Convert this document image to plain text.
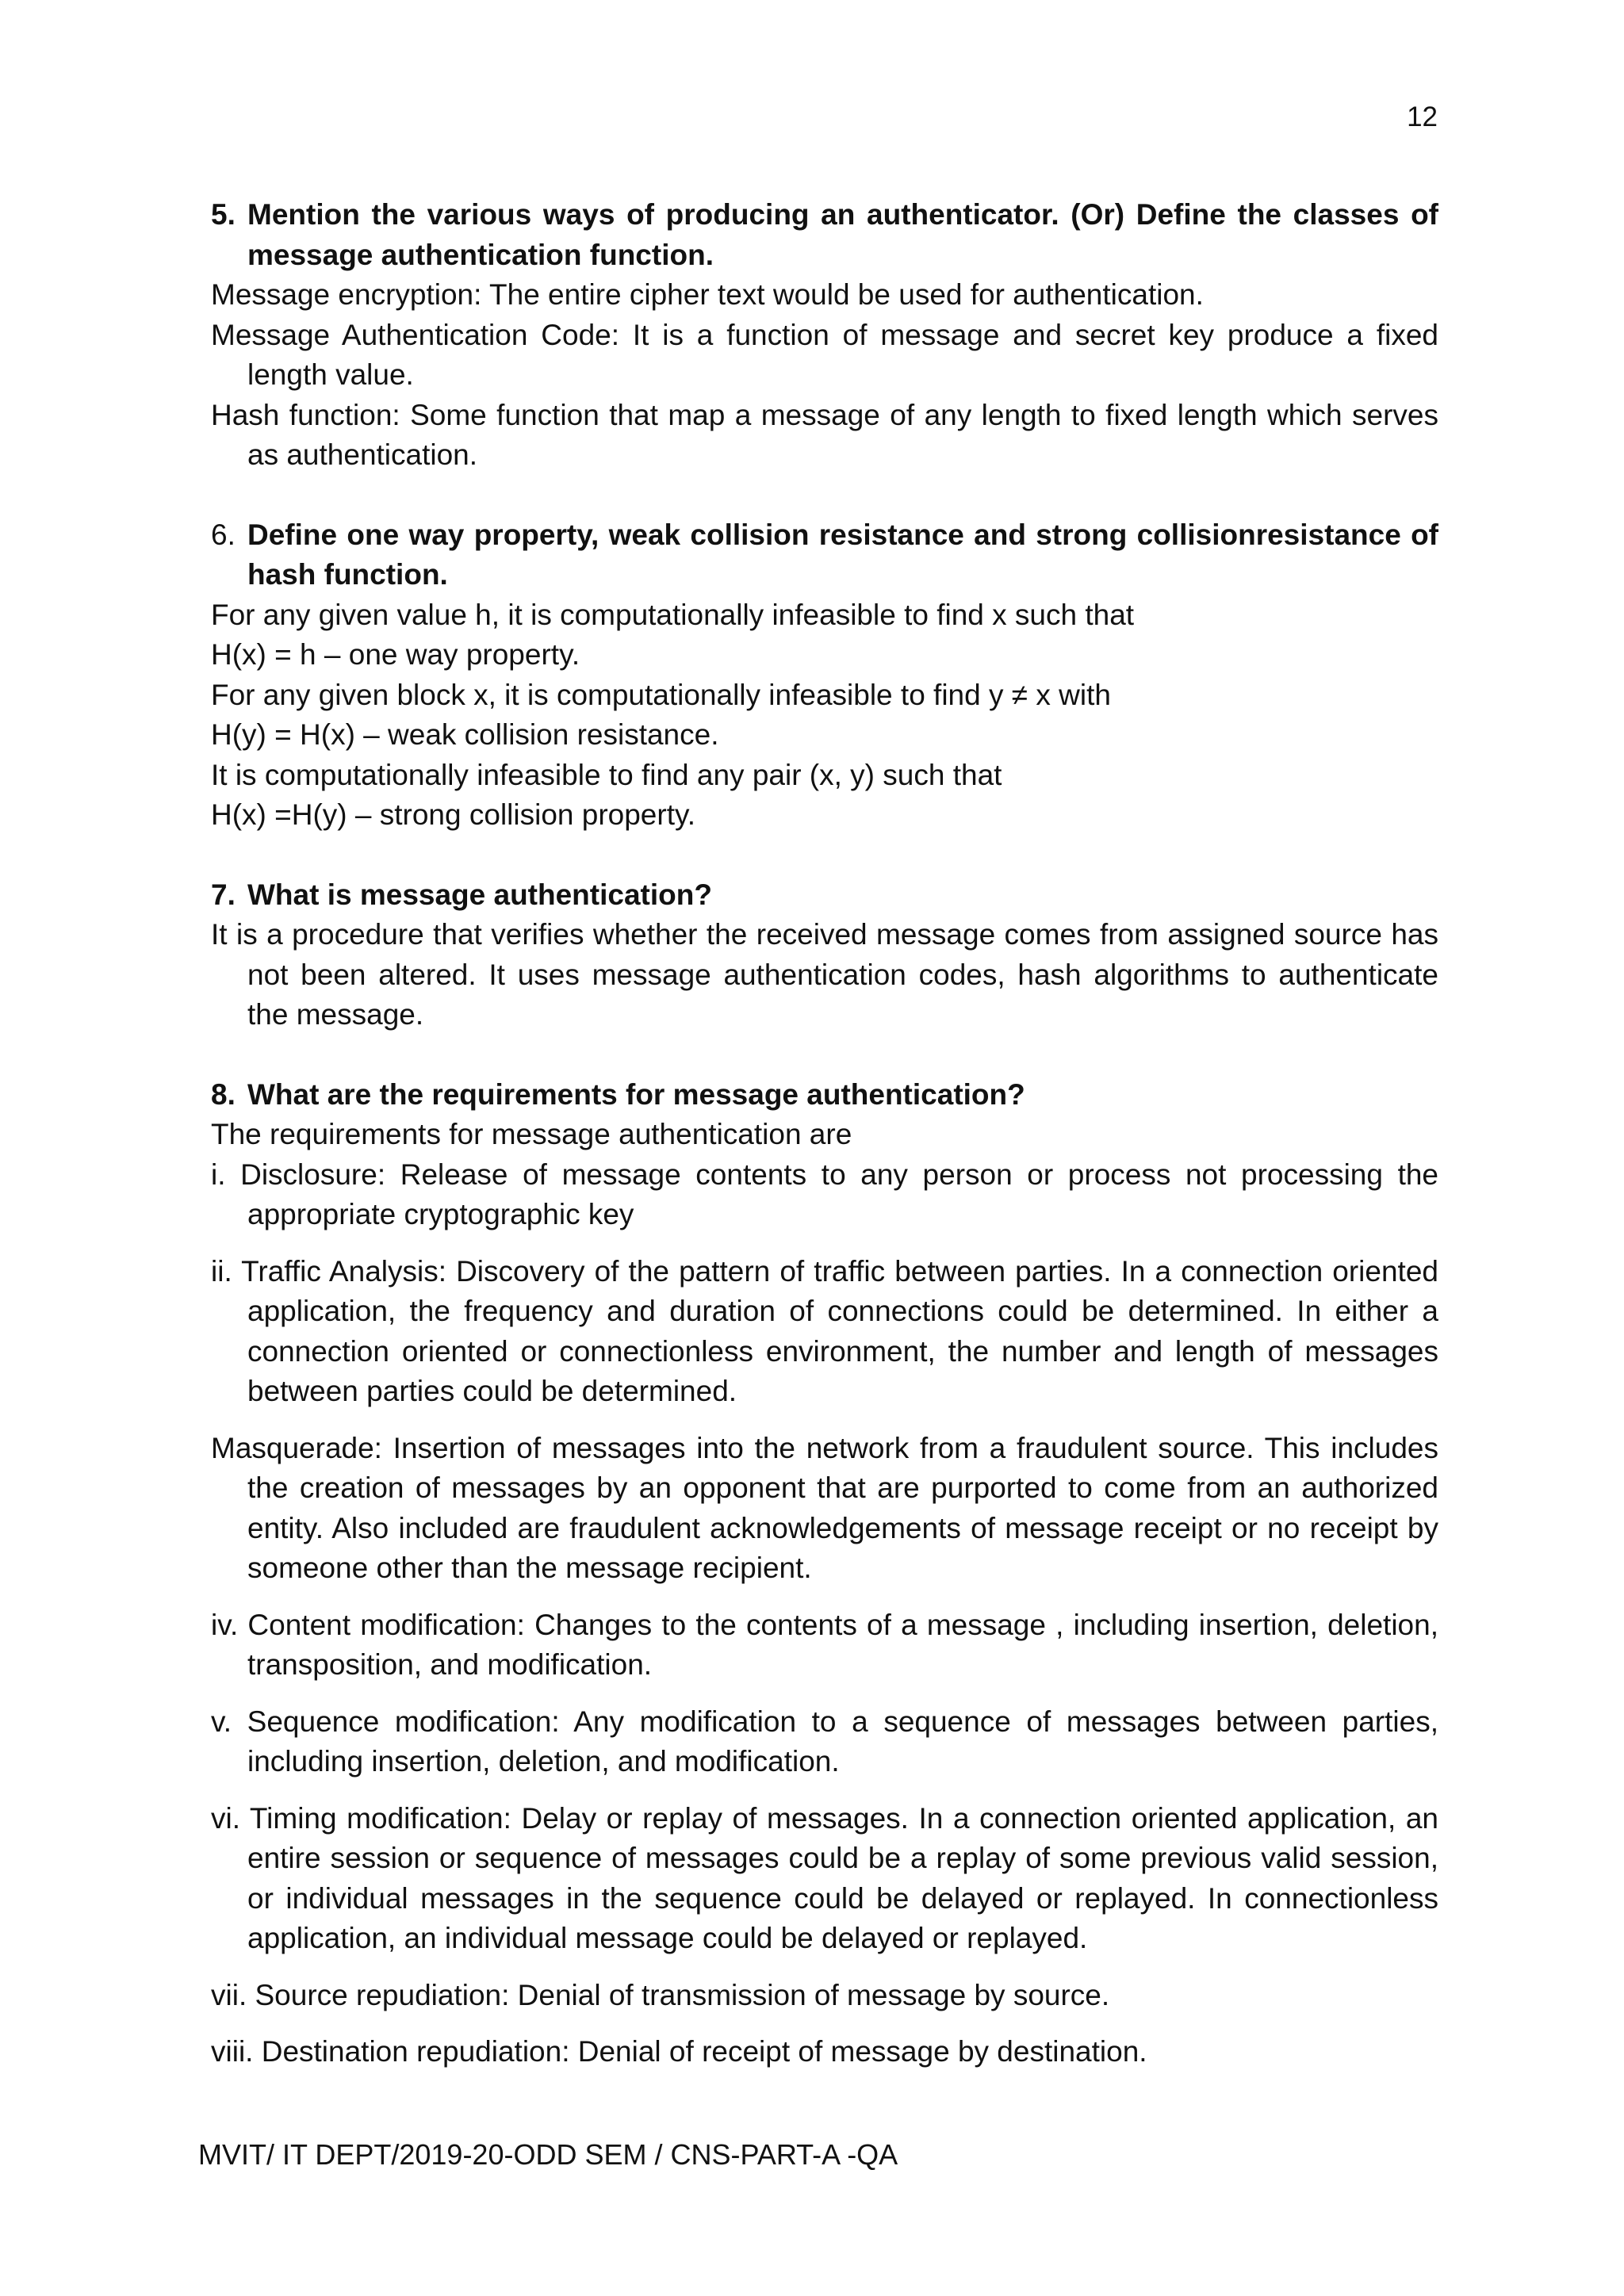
12
5. Mention the various ways of producing an authenticator. (Or) Define the classes of message authentication function.
Message encryption: The entire cipher text would be used for authentication.
Message Authentication Code: It is a function of message and secret key produce a fixed length value.
Hash function: Some function that map a message of any length to fixed length which serves as authentication.
6. Define one way property, weak collision resistance and strong collisionresistance of hash function.
For any given value h, it is computationally infeasible to find x such that
H(x) = h – one way property.
For any given block x, it is computationally infeasible to find y ≠ x with
H(y) = H(x) – weak collision resistance.
It is computationally infeasible to find any pair (x, y) such that
H(x) =H(y) – strong collision property.
7. What is message authentication?
It is a procedure that verifies whether the received message comes from assigned source has not been altered. It uses message authentication codes, hash algorithms to authenticate the message.
8. What are the requirements for message authentication?
The requirements for message authentication are
i. Disclosure: Release of message contents to any person or process not processing the appropriate cryptographic key
ii. Traffic Analysis: Discovery of the pattern of traffic between parties. In a connection oriented application, the frequency and duration of connections could be determined. In either a connection oriented or connectionless environment, the number and length of messages between parties could be determined.
Masquerade: Insertion of messages into the network from a fraudulent source. This includes the creation of messages by an opponent that are purported to come from an authorized entity. Also included are fraudulent acknowledgements of message receipt or no receipt by someone other than the message recipient.
iv. Content modification: Changes to the contents of a message , including insertion, deletion, transposition, and modification.
v. Sequence modification: Any modification to a sequence of messages between parties, including insertion, deletion, and modification.
vi. Timing modification: Delay or replay of messages. In a connection oriented application, an entire session or sequence of messages could be a replay of some previous valid session, or individual messages in the sequence could be delayed or replayed. In connectionless application, an individual message could be delayed or replayed.
vii. Source repudiation: Denial of transmission of message by source.
viii. Destination repudiation: Denial of receipt of message by destination.
MVIT/ IT DEPT/2019-20-ODD SEM / CNS-PART-A -QA
